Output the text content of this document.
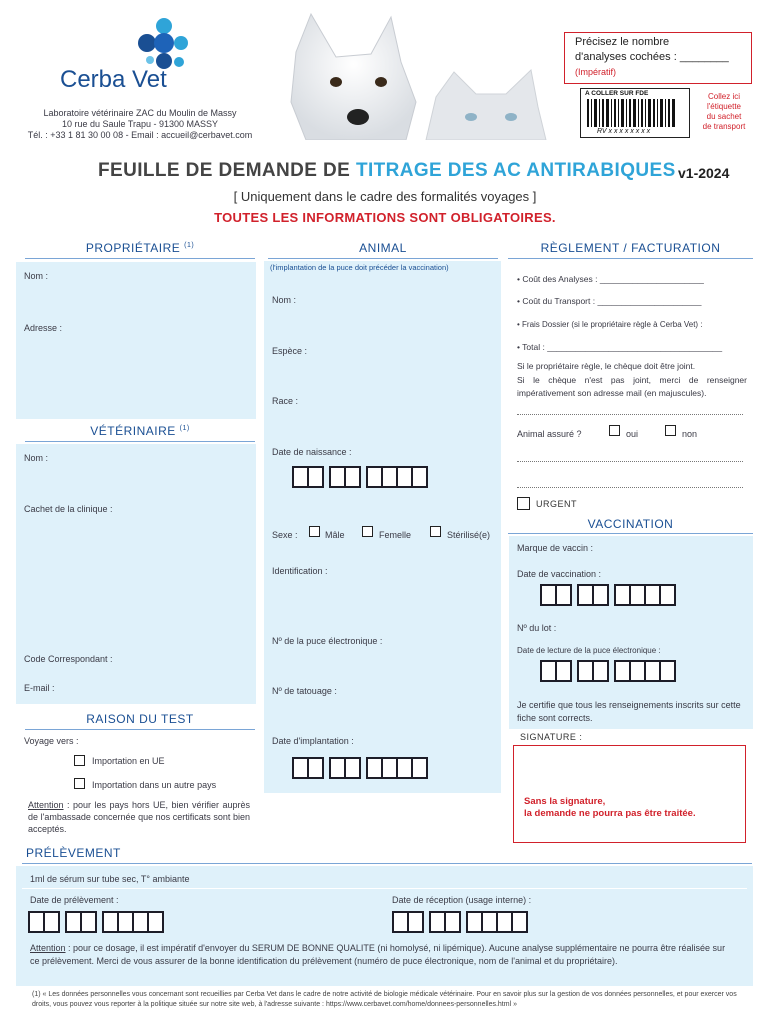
Cerba Vet
Laboratoire vétérinaire ZAC du Moulin de Massy
10 rue du Saule Trapu - 91300 MASSY
Tél. : +33 1 81 30 00 08 - Email : accueil@cerbavet.com
Précisez le nombre
d'analyses cochées : ________
(Impératif)
A COLLER SUR FDE
RV x x x x x x x x
Collez ici
l'étiquette
du sachet
de transport
FEUILLE DE DEMANDE DE TITRAGE DES AC ANTIRABIQUES v1-2024
[ Uniquement dans le cadre des formalités voyages ]
TOUTES LES INFORMATIONS SONT OBLIGATOIRES.
PROPRIÉTAIRE $^{(1)}$
Nom :
Adresse :
VÉTÉRINAIRE $^{(1)}$
Nom :
Cachet de la clinique :
Code Correspondant :
E-mail :
RAISON DU TEST
Voyage vers :
Importation en UE
Importation dans un autre pays
Attention : pour les pays hors UE, bien vérifier auprès de l'ambassade concernée que nos certificats sont bien acceptés.
ANIMAL
(l'implantation de la puce doit précéder la vaccination)
Nom :
Espèce :
Race :
Date de naissance :
Sexe :	Mâle	Femelle	Stérilisé(e)
Identification :
Nº de la puce électronique :
Nº de tatouage :
Date d'implantation :
RÈGLEMENT / FACTURATION
• Coût des Analyses : ______________________
• Coût du Transport : ______________________
• Frais Dossier (si le propriétaire règle à Cerba Vet) :
• Total : _____________________________________
Si le propriétaire règle, le chèque doit être joint.
Si le chèque n'est pas joint, merci de renseigner impérativement son adresse mail (en majuscules).
Animal assuré ?	oui	non
URGENT
VACCINATION
Marque de vaccin :
Date de vaccination :
Nº du lot :
Date de lecture de la puce électronique :
Je certifie que tous les renseignements inscrits sur cette fiche sont corrects.
SIGNATURE :
Sans la signature,
la demande ne pourra pas être traitée.
PRÉLÈVEMENT
1ml de sérum sur tube sec, T° ambiante
Date de prélèvement :	Date de réception (usage interne) :
Attention : pour ce dosage, il est impératif d'envoyer du SERUM DE BONNE QUALITE (ni homolysé, ni lipémique). Aucune analyse supplémentaire ne pourra être réalisée sur ce prélèvement. Merci de vous assurer de la bonne identification du prélèvement (numéro de puce électronique, nom de l'animal et du propriétaire).
(1) « Les données personnelles vous concernant sont recueillies par Cerba Vet dans le cadre de notre activité de biologie médicale vétérinaire. Pour en savoir plus sur la gestion de vos données personnelles, et pour exercer vos droits, vous pouvez vous reporter à la politique située sur notre site web, à l'adresse suivante : https://www.cerbavet.com/home/donnees-personnelles.html »
